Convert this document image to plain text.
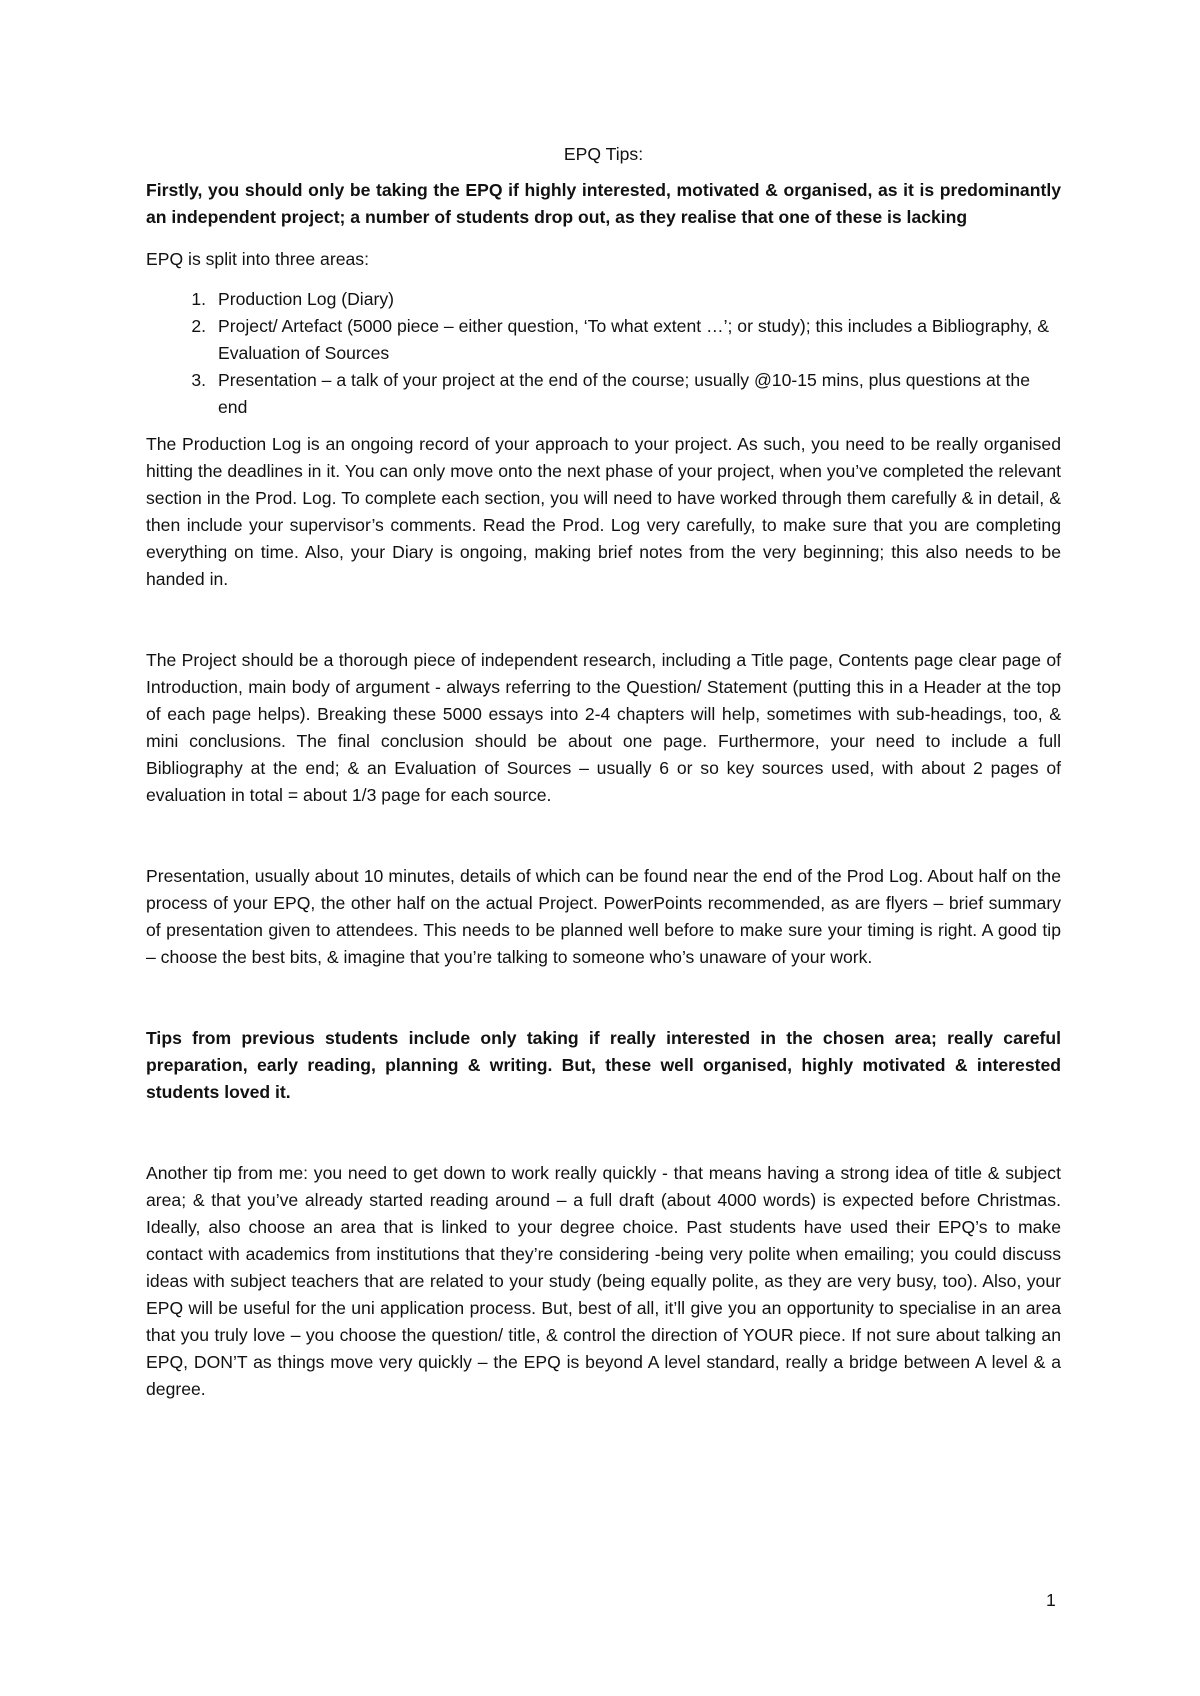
EPQ Tips:

Firstly, you should only be taking the EPQ if highly interested, motivated & organised, as it is predominantly an independent project; a number of students drop out, as they realise that one of these is lacking

EPQ is split into three areas:

1. Production Log (Diary)
2. Project/ Artefact (5000 piece – either question, ‘To what extent …’; or study); this includes a Bibliography, & Evaluation of Sources
3. Presentation – a talk of your project at the end of the course; usually @10-15 mins, plus questions at the end

The Production Log is an ongoing record of your approach to your project. As such, you need to be really organised hitting the deadlines in it. You can only move onto the next phase of your project, when you’ve completed the relevant section in the Prod. Log. To complete each section, you will need to have worked through them carefully & in detail, & then include your supervisor’s comments. Read the Prod. Log very carefully, to make sure that you are completing everything on time. Also, your Diary is ongoing, making brief notes from the very beginning; this also needs to be handed in.

The Project should be a thorough piece of independent research, including a Title page, Contents page clear page of Introduction, main body of argument - always referring to the Question/ Statement (putting this in a Header at the top of each page helps). Breaking these 5000 essays into 2-4 chapters will help, sometimes with sub-headings, too, & mini conclusions. The final conclusion should be about one page. Furthermore, your need to include a full Bibliography at the end; & an Evaluation of Sources – usually 6 or so key sources used, with about 2 pages of evaluation in total = about 1/3 page for each source.

Presentation, usually about 10 minutes, details of which can be found near the end of the Prod Log. About half on the process of your EPQ, the other half on the actual Project. PowerPoints recommended, as are flyers – brief summary of presentation given to attendees. This needs to be planned well before to make sure your timing is right. A good tip – choose the best bits, & imagine that you’re talking to someone who’s unaware of your work.

Tips from previous students include only taking if really interested in the chosen area; really careful preparation, early reading, planning & writing. But, these well organised, highly motivated & interested students loved it.

Another tip from me: you need to get down to work really quickly - that means having a strong idea of title & subject area; & that you’ve already started reading around – a full draft (about 4000 words) is expected before Christmas. Ideally, also choose an area that is linked to your degree choice. Past students have used their EPQ’s to make contact with academics from institutions that they’re considering -being very polite when emailing; you could discuss ideas with subject teachers that are related to your study (being equally polite, as they are very busy, too). Also, your EPQ will be useful for the uni application process. But, best of all, it’ll give you an opportunity to specialise in an area that you truly love – you choose the question/ title, & control the direction of YOUR piece. If not sure about talking an EPQ, DON’T as things move very quickly – the EPQ is beyond A level standard, really a bridge between A level & a degree.

1
